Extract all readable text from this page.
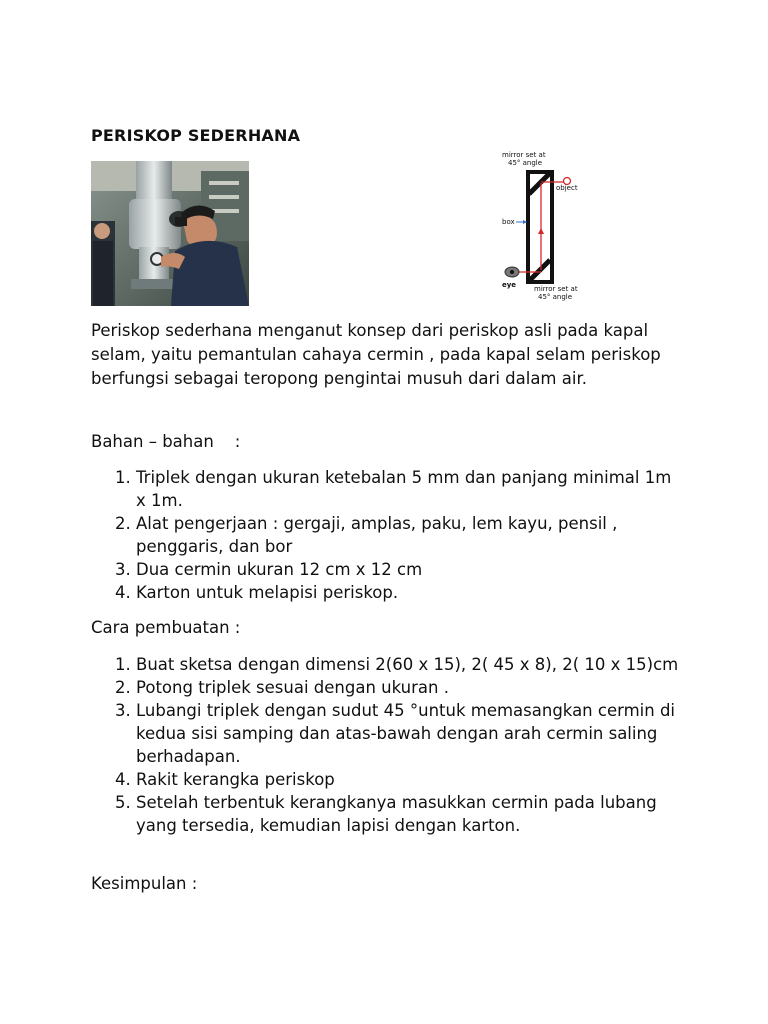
PERISKOP SEDERHANA
mirror set at
45° angle
object
box
eye	mirror set at
45° angle
Periskop sederhana menganut konsep dari periskop asli pada kapal selam, yaitu pemantulan cahaya cermin , pada kapal selam periskop berfungsi sebagai teropong pengintai musuh dari dalam air.
Bahan – bahan    :
1. Triplek dengan ukuran ketebalan 5 mm dan panjang minimal 1m x 1m.
2. Alat pengerjaan : gergaji, amplas, paku, lem kayu, pensil , penggaris, dan bor
3. Dua cermin ukuran 12 cm x 12 cm
4. Karton untuk melapisi periskop.
Cara pembuatan :
1. Buat sketsa dengan dimensi 2(60 x 15), 2( 45 x 8), 2( 10 x 15)cm
2. Potong triplek sesuai dengan ukuran .
3. Lubangi triplek dengan sudut 45 °untuk memasangkan cermin di kedua sisi samping dan atas-bawah dengan arah cermin saling berhadapan.
4. Rakit kerangka periskop
5. Setelah terbentuk kerangkanya masukkan cermin pada lubang yang tersedia, kemudian lapisi dengan karton.
Kesimpulan :
